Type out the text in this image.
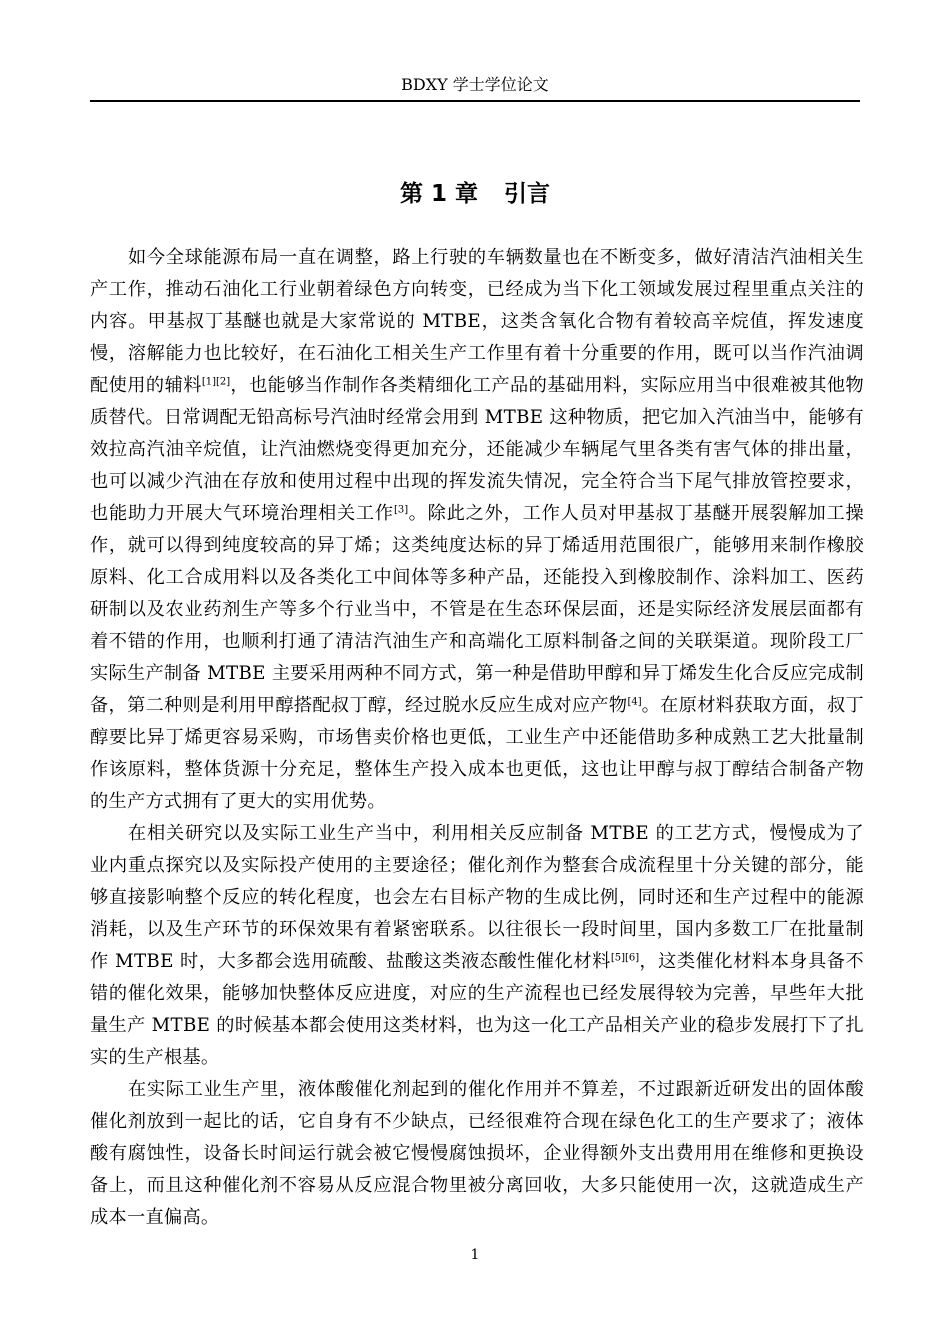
BDXY 学士学位论文
第 1 章 引言

如今全球能源布局一直在调整，路上行驶的车辆数量也在不断变多，做好清洁汽油相关生产工作，推动石油化工行业朝着绿色方向转变，已经成为当下化工领域发展过程里重点关注的内容。甲基叔丁基醚也就是大家常说的 MTBE，这类含氧化合物有着较高辛烷值，挥发速度慢，溶解能力也比较好，在石油化工相关生产工作里有着十分重要的作用，既可以当作汽油调配使用的辅料[1][2]，也能够当作制作各类精细化工产品的基础用料，实际应用当中很难被其他物质替代。日常调配无铅高标号汽油时经常会用到 MTBE 这种物质，把它加入汽油当中，能够有效拉高汽油辛烷值，让汽油燃烧变得更加充分，还能减少车辆尾气里各类有害气体的排出量，也可以减少汽油在存放和使用过程中出现的挥发流失情况，完全符合当下尾气排放管控要求，也能助力开展大气环境治理相关工作[3]。除此之外，工作人员对甲基叔丁基醚开展裂解加工操作，就可以得到纯度较高的异丁烯；这类纯度达标的异丁烯适用范围很广，能够用来制作橡胶原料、化工合成用料以及各类化工中间体等多种产品，还能投入到橡胶制作、涂料加工、医药研制以及农业药剂生产等多个行业当中，不管是在生态环保层面，还是实际经济发展层面都有着不错的作用，也顺利打通了清洁汽油生产和高端化工原料制备之间的关联渠道。现阶段工厂实际生产制备 MTBE 主要采用两种不同方式，第一种是借助甲醇和异丁烯发生化合反应完成制备，第二种则是利用甲醇搭配叔丁醇，经过脱水反应生成对应产物[4]。在原材料获取方面，叔丁醇要比异丁烯更容易采购，市场售卖价格也更低，工业生产中还能借助多种成熟工艺大批量制作该原料，整体货源十分充足，整体生产投入成本也更低，这也让甲醇与叔丁醇结合制备产物的生产方式拥有了更大的实用优势。

在相关研究以及实际工业生产当中，利用相关反应制备 MTBE 的工艺方式，慢慢成为了业内重点探究以及实际投产使用的主要途径；催化剂作为整套合成流程里十分关键的部分，能够直接影响整个反应的转化程度，也会左右目标产物的生成比例，同时还和生产过程中的能源消耗，以及生产环节的环保效果有着紧密联系。以往很长一段时间里，国内多数工厂在批量制作 MTBE 时，大多都会选用硫酸、盐酸这类液态酸性催化材料[5][6]，这类催化材料本身具备不错的催化效果，能够加快整体反应进度，对应的生产流程也已经发展得较为完善，早些年大批量生产 MTBE 的时候基本都会使用这类材料，也为这一化工产品相关产业的稳步发展打下了扎实的生产根基。

在实际工业生产里，液体酸催化剂起到的催化作用并不算差，不过跟新近研发出的固体酸催化剂放到一起比的话，它自身有不少缺点，已经很难符合现在绿色化工的生产要求了；液体酸有腐蚀性，设备长时间运行就会被它慢慢腐蚀损坏，企业得额外支出费用用在维修和更换设备上，而且这种催化剂不容易从反应混合物里被分离回收，大多只能使用一次，这就造成生产成本一直偏高。

1
